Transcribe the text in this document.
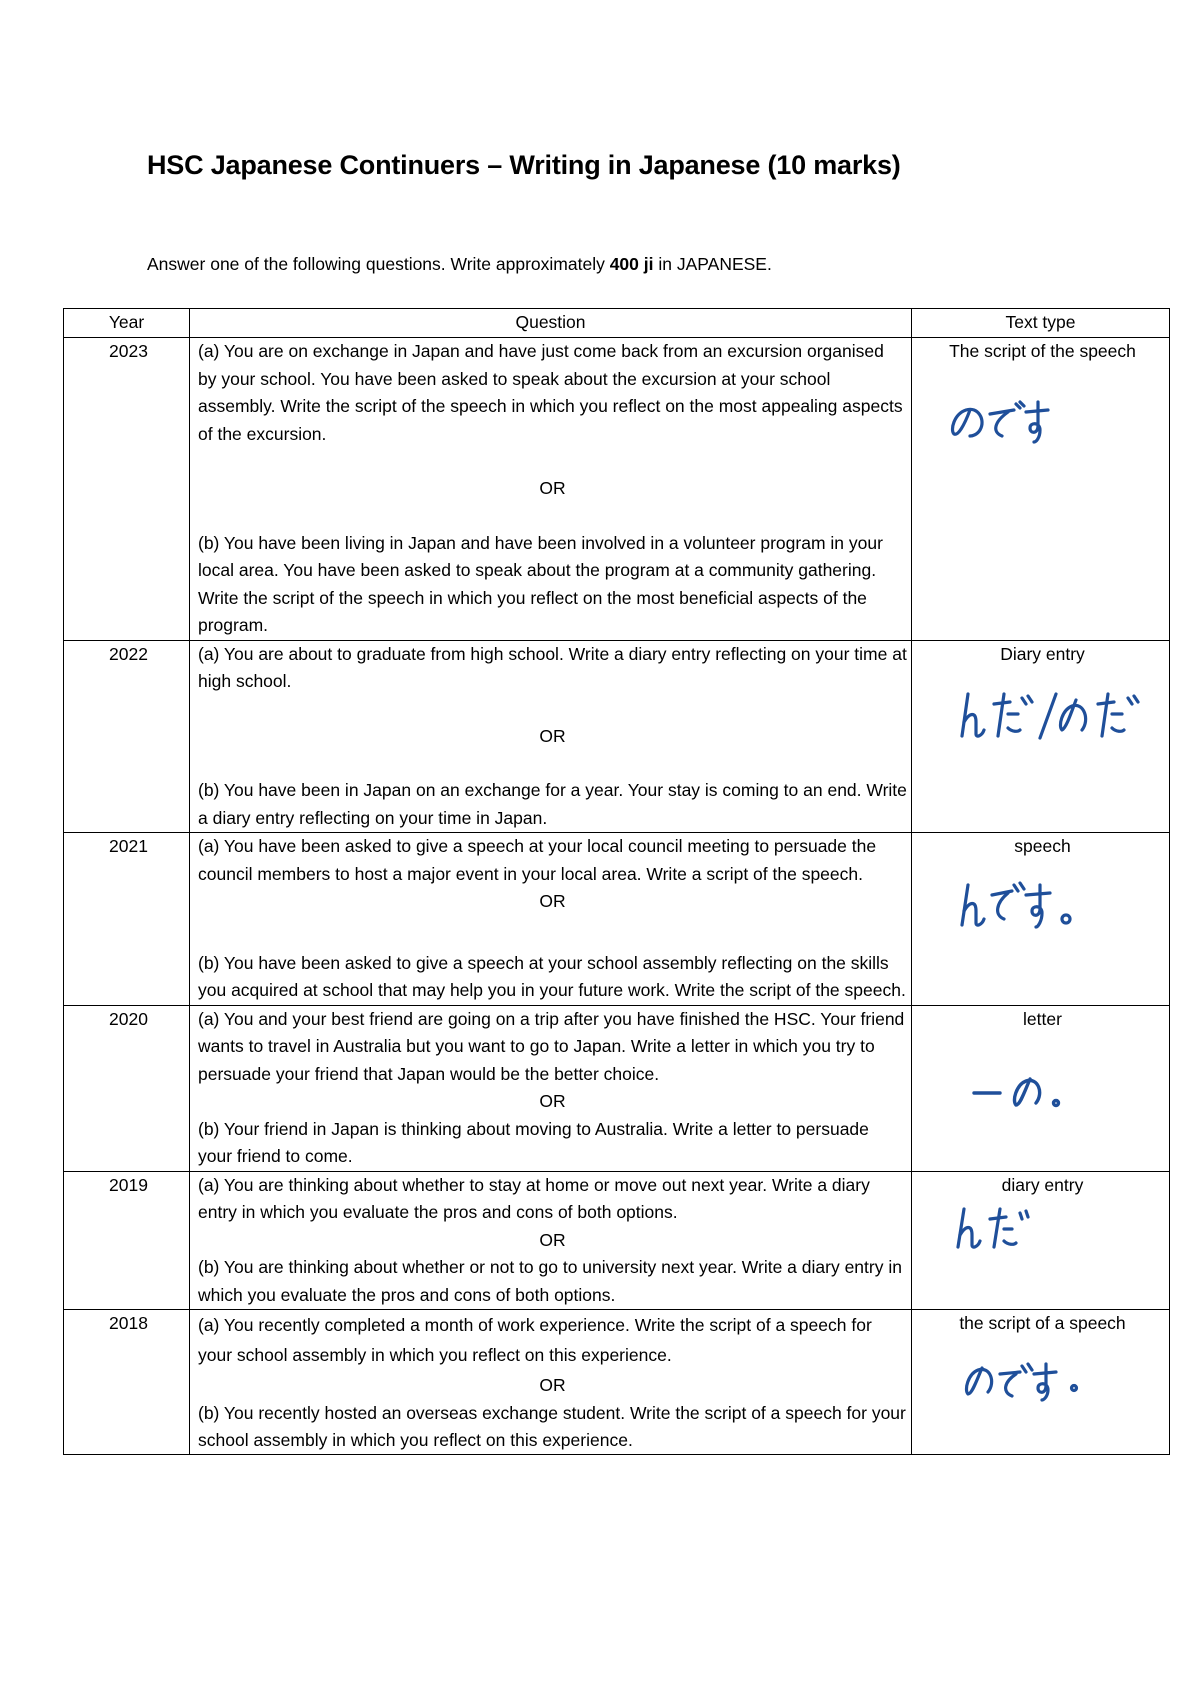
HSC Japanese Continuers – Writing in Japanese (10 marks)
Answer one of the following questions. Write approximately 400 ji in JAPANESE.
Year	Question	Text type
2023	(a) You are on exchange in Japan and have just come back from an excursion organised by your school. You have been asked to speak about the excursion at your school assembly. Write the script of the speech in which you reflect on the most appealing aspects of the excursion.

OR

(b) You have been living in Japan and have been involved in a volunteer program in your local area. You have been asked to speak about the program at a community gathering. Write the script of the speech in which you reflect on the most beneficial aspects of the program.	The script of the speech

2022	(a) You are about to graduate from high school. Write a diary entry reflecting on your time at high school.

OR

(b) You have been in Japan on an exchange for a year. Your stay is coming to an end. Write a diary entry reflecting on your time in Japan.	Diary entry

2021	(a) You have been asked to give a speech at your local council meeting to persuade the council members to host a major event in your local area. Write a script of the speech.

OR

(b) You have been asked to give a speech at your school assembly reflecting on the skills you acquired at school that may help you in your future work. Write the script of the speech.	speech

2020	(a) You and your best friend are going on a trip after you have finished the HSC. Your friend wants to travel in Australia but you want to go to Japan. Write a letter in which you try to persuade your friend that Japan would be the better choice.

OR

(b) Your friend in Japan is thinking about moving to Australia. Write a letter to persuade your friend to come.	letter

2019	(a) You are thinking about whether to stay at home or move out next year. Write a diary entry in which you evaluate the pros and cons of both options.

OR

(b) You are thinking about whether or not to go to university next year. Write a diary entry in which you evaluate the pros and cons of both options.	diary entry

2018	(a) You recently completed a month of work experience. Write the script of a speech for your school assembly in which you reflect on this experience.

OR

(b) You recently hosted an overseas exchange student. Write the script of a speech for your school assembly in which you reflect on this experience.	the script of a speech
